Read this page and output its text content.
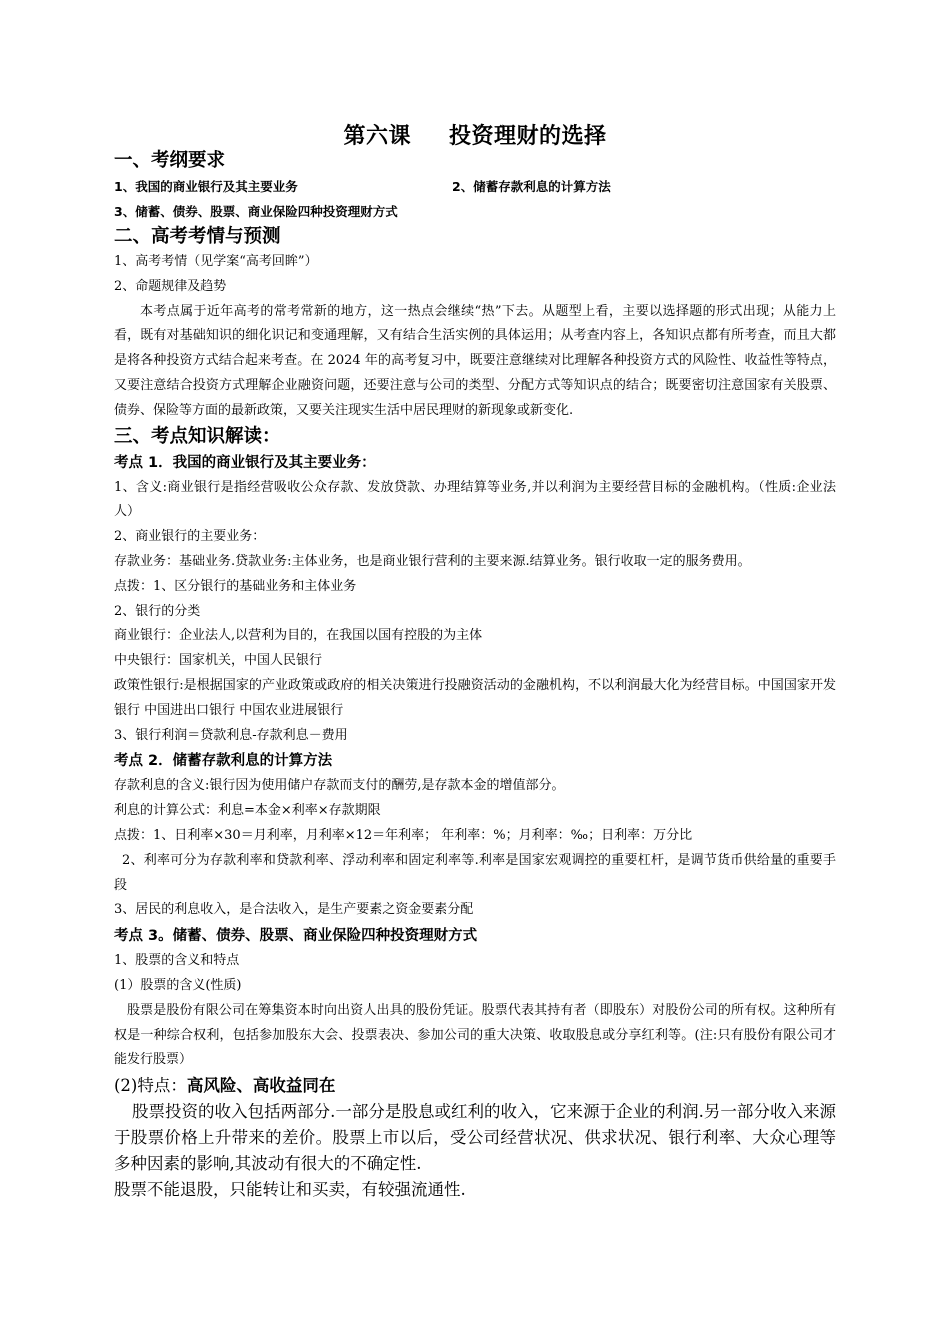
第六课 投资理财的选择

一、考纲要求

1、我国的商业银行及其主要业务	2、储蓄存款利息的计算方法

3、储蓄、债券、股票、商业保险四种投资理财方式

二、高考考情与预测

1、高考考情（见学案“高考回眸”）

2、命题规律及趋势

本考点属于近年高考的常考常新的地方，这一热点会继续“热”下去。从题型上看，主要以选择题的形式出现；从能力上看，既有对基础知识的细化识记和变通理解，又有结合生活实例的具体运用；从考查内容上，各知识点都有所考查，而且大都是将各种投资方式结合起来考查。在 2024 年的高考复习中，既要注意继续对比理解各种投资方式的风险性、收益性等特点，又要注意结合投资方式理解企业融资问题，还要注意与公司的类型、分配方式等知识点的结合；既要密切注意国家有关股票、债券、保险等方面的最新政策，又要关注现实生活中居民理财的新现象或新变化.

三、考点知识解读：

考点 1．我国的商业银行及其主要业务：

1、含义:商业银行是指经营吸收公众存款、发放贷款、办理结算等业务,并以利润为主要经营目标的金融机构。（性质:企业法人）

2、商业银行的主要业务：

存款业务：基础业务.贷款业务:主体业务，也是商业银行营利的主要来源.结算业务。银行收取一定的服务费用。

点拨：1、区分银行的基础业务和主体业务

2、银行的分类

商业银行：企业法人,以营利为目的，在我国以国有控股的为主体

中央银行：国家机关，中国人民银行

政策性银行:是根据国家的产业政策或政府的相关决策进行投融资活动的金融机构，不以利润最大化为经营目标。中国国家开发银行 中国进出口银行 中国农业进展银行

3、银行利润＝贷款利息-存款利息－费用

考点 2．储蓄存款利息的计算方法

存款利息的含义:银行因为使用储户存款而支付的酬劳,是存款本金的增值部分。

利息的计算公式：利息=本金×利率×存款期限

点拨：1、日利率×30＝月利率，月利率×12＝年利率； 年利率：%；月利率：‰；日利率：万分比

2、利率可分为存款利率和贷款利率、浮动利率和固定利率等.利率是国家宏观调控的重要杠杆，是调节货币供给量的重要手段

3、居民的利息收入，是合法收入，是生产要素之资金要素分配

考点 3。储蓄、债券、股票、商业保险四种投资理财方式

1、股票的含义和特点

(1）股票的含义(性质)

股票是股份有限公司在筹集资本时向出资人出具的股份凭证。股票代表其持有者（即股东）对股份公司的所有权。这种所有权是一种综合权利，包括参加股东大会、投票表决、参加公司的重大决策、收取股息或分享红利等。(注:只有股份有限公司才能发行股票）

(2)特点：高风险、高收益同在

股票投资的收入包括两部分.一部分是股息或红利的收入，它来源于企业的利润.另一部分收入来源于股票价格上升带来的差价。股票上市以后，受公司经营状况、供求状况、银行利率、大众心理等多种因素的影响,其波动有很大的不确定性.

股票不能退股，只能转让和买卖，有较强流通性.
